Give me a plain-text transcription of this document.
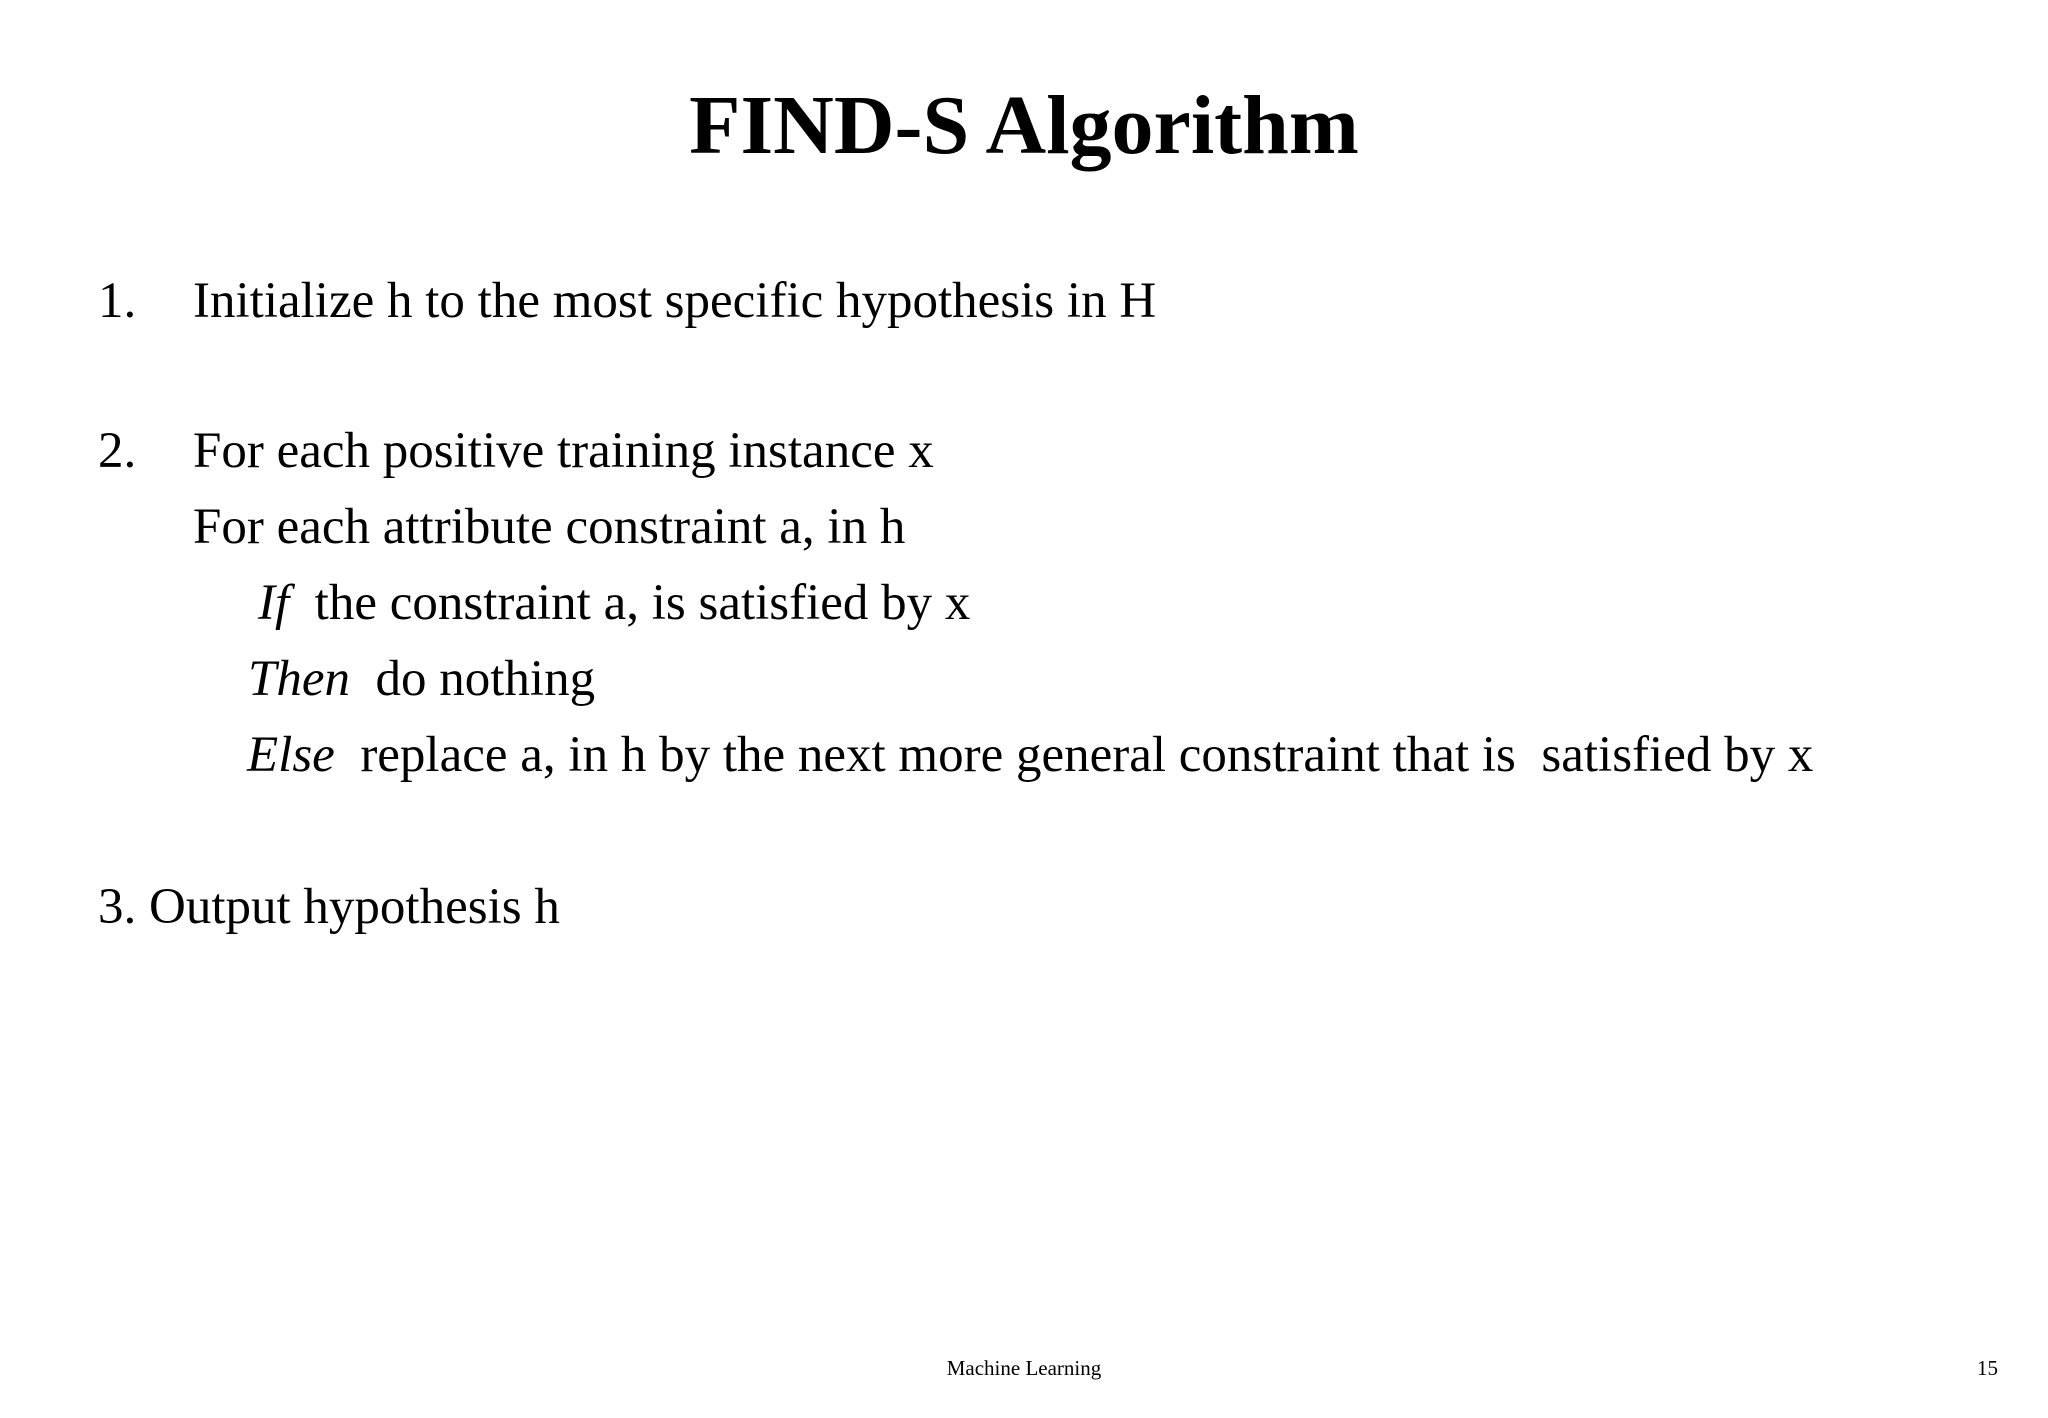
FIND-S Algorithm
1. Initialize h to the most specific hypothesis in H
2. For each positive training instance x
For each attribute constraint a, in h
If the constraint a, is satisfied by x
Then do nothing
Else replace a, in h by the next more general constraint that is  satisfied by x
3. Output hypothesis h
Machine Learning	15
